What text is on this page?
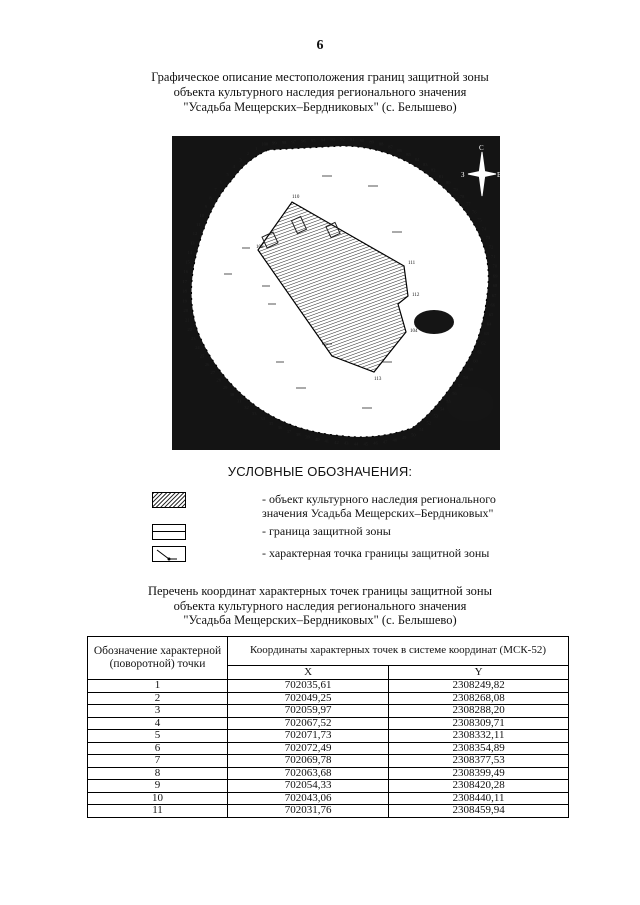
6
Графическое описание местоположения границ защитной зоны
объекта культурного наследия регионального значения
"Усадьба Мещерских–Бердниковых" (с. Белышево)
С
В
З
100 99 98 97 96 95 94 93 92 91 90 89 88
87
86
85
84
83
82
81
80
79
78
77
76
75
74
73
72
71
70
69
68
67
66
65
64
63
62
61
60
59
58
57
56
55
54
53
52
51
50
49
48
47
46
45
44
43
42
41
40
39
38
37
36
35
34
33
32
31
30
29
28
27
26
25
24
23
22
21
20
19
18
17
16
15
14
13
12
11
10
9
8
7
6
5
4
3
2
1
110
108
111
112
104
113
УСЛОВНЫЕ ОБОЗНАЧЕНИЯ:
- объект культурного наследия регионального
значения Усадьба Мещерских–Бердниковых"
- граница защитной зоны
- характерная точка границы защитной зоны
Перечень координат характерных точек границы защитной зоны
объекта культурного наследия регионального значения
"Усадьба Мещерских–Бердниковых" (с. Белышево)
Обозначение характерной (поворотной) точки	Координаты характерных точек в системе координат (МСК-52)	
	X	Y
1	702035,61	2308249,82
2	702049,25	2308268,08
3	702059,97	2308288,20
4	702067,52	2308309,71
5	702071,73	2308332,11
6	702072,49	2308354,89
7	702069,78	2308377,53
8	702063,68	2308399,49
9	702054,33	2308420,28
10	702043,06	2308440,11
11	702031,76	2308459,94
